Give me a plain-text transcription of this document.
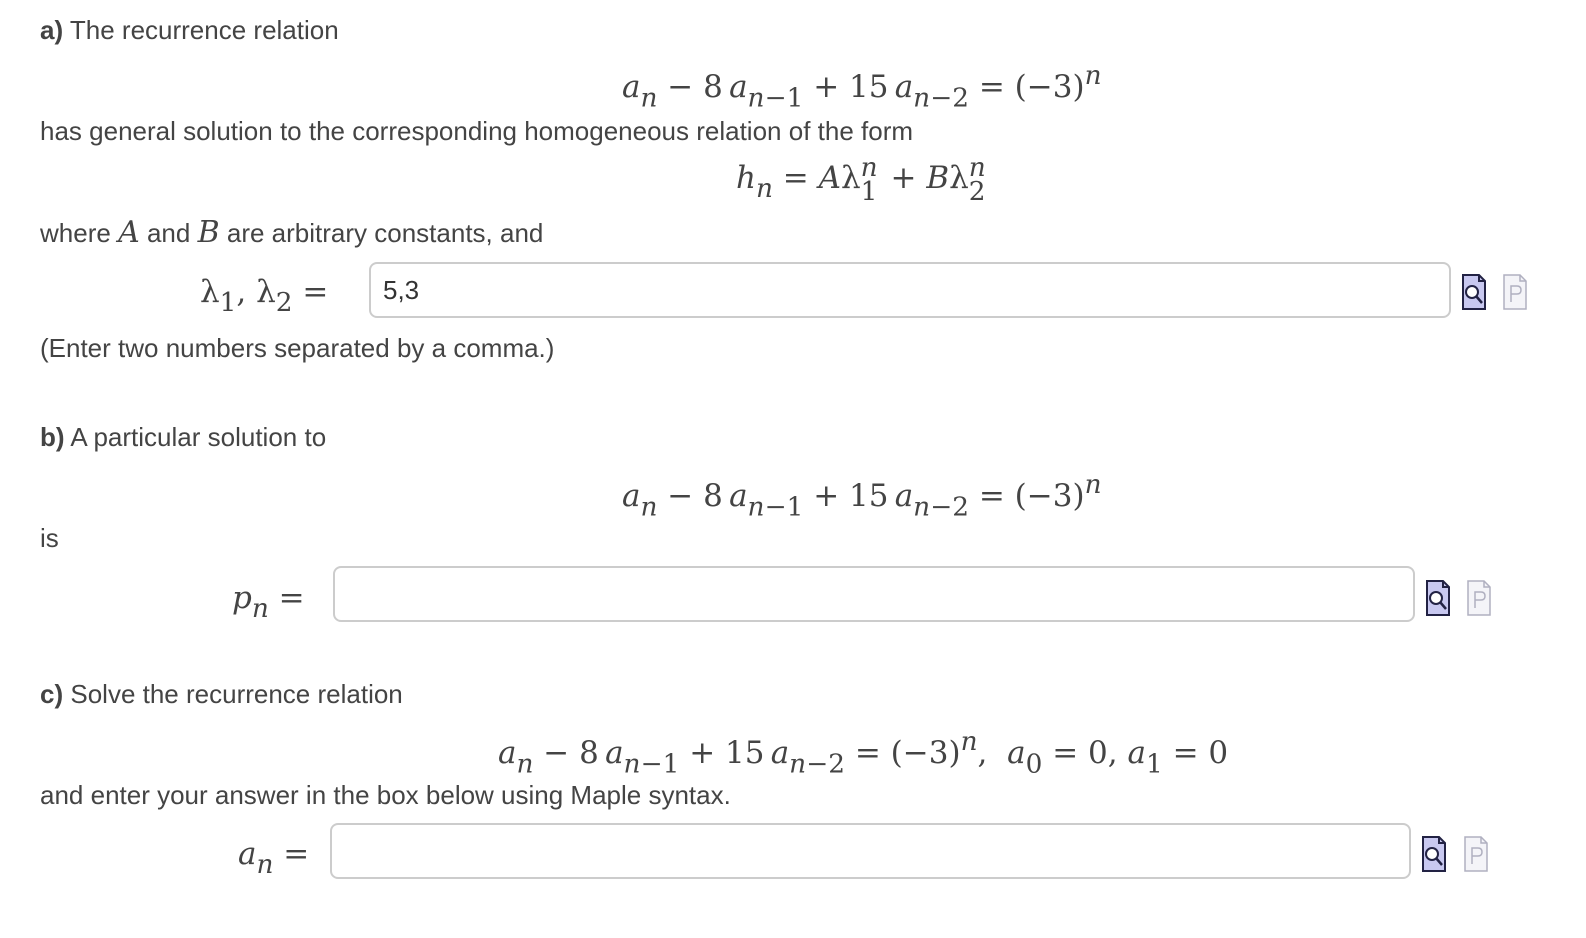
a) The recurrence relation
$a_n - 8$ $a_{n-1} + 15$ $a_{n-2} = (-3)^n$
has general solution to the corresponding homogeneous relation of the form
$h_n = A\lambda$ n
1 + Bλ n
2
where A and B are arbitrary constants, and
$\lambda_1$, $\lambda_2$ =
5,3
(Enter two numbers separated by a comma.)
b) A particular solution to
$a_n - 8$ $a_{n-1} + 15$ $a_{n-2} = (-3)^n$
is
$p_n$ =
c) Solve the recurrence relation
$a_n - 8$ $a_{n-1} + 15$ $a_{n-2} = (-3)^n$,  $a_0 = 0$, $a_1 = 0$
and enter your answer in the box below using Maple syntax.
$a_n$ =
